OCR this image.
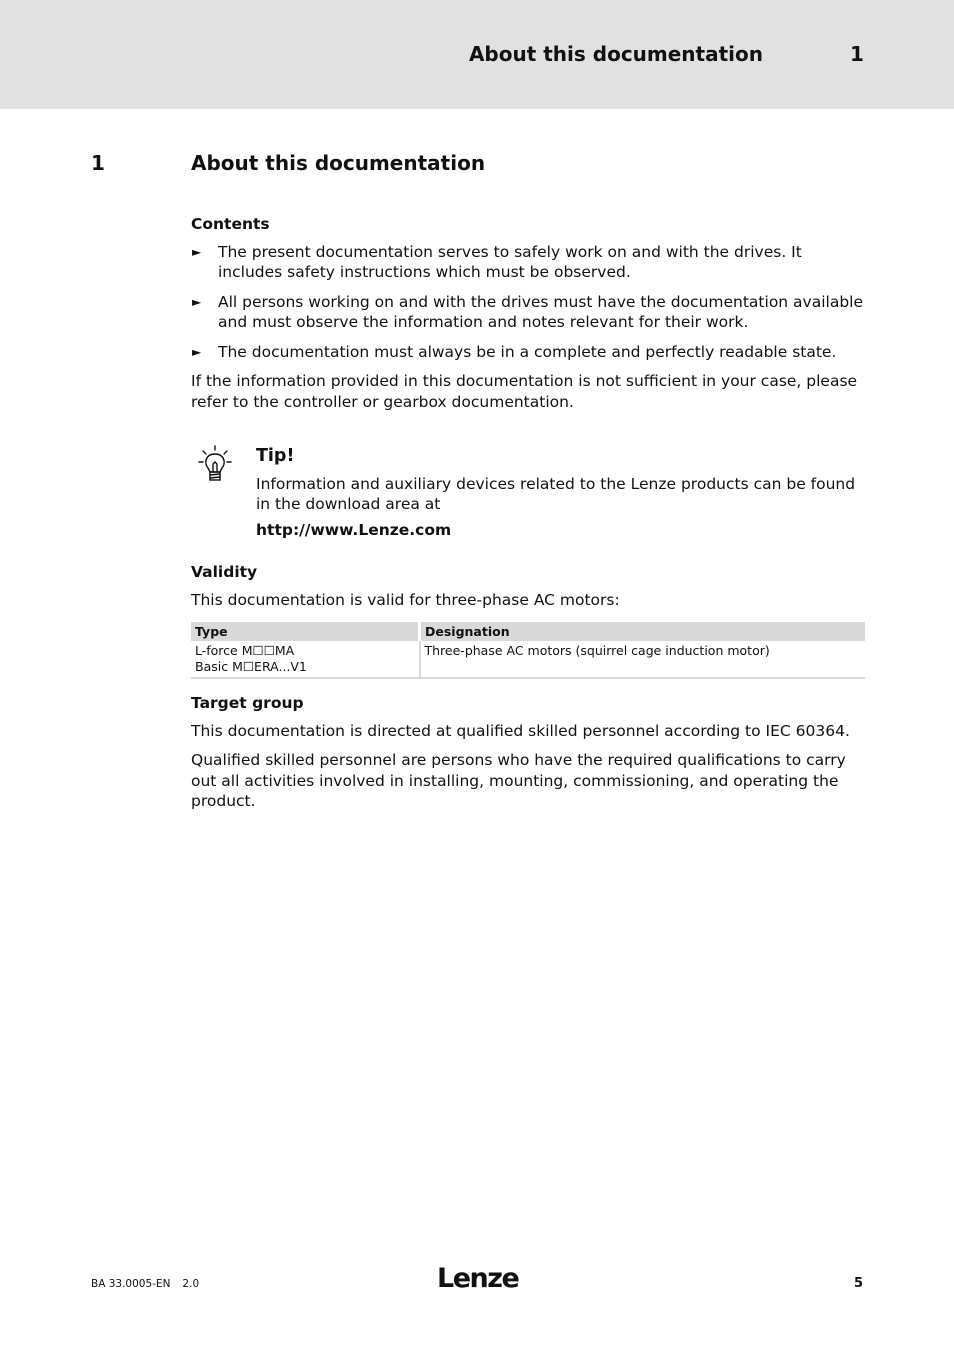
About this documentation	1
1	About this documentation
Contents
► The present documentation serves to safely work on and with the drives. It includes safety instructions which must be observed.
► All persons working on and with the drives must have the documentation available and must observe the information and notes relevant for their work.
► The documentation must always be in a complete and perfectly readable state.

If the information provided in this documentation is not sufficient in your case, please refer to the controller or gearbox documentation.

Tip!

Information and auxiliary devices related to the Lenze products can be found in the download area at

http://www.Lenze.com

Validity

This documentation is valid for three-phase AC motors:

Type	Designation

L-force M☐☐MA
Basic M☐ERA...V1	Three-phase AC motors (squirrel cage induction motor)
Target group

This documentation is directed at qualified skilled personnel according to IEC 60364.

Qualified skilled personnel are persons who have the required qualifications to carry out all activities involved in installing, mounting, commissioning, and operating the product.

BA 33.0005-EN 2.0	Lenze	5
